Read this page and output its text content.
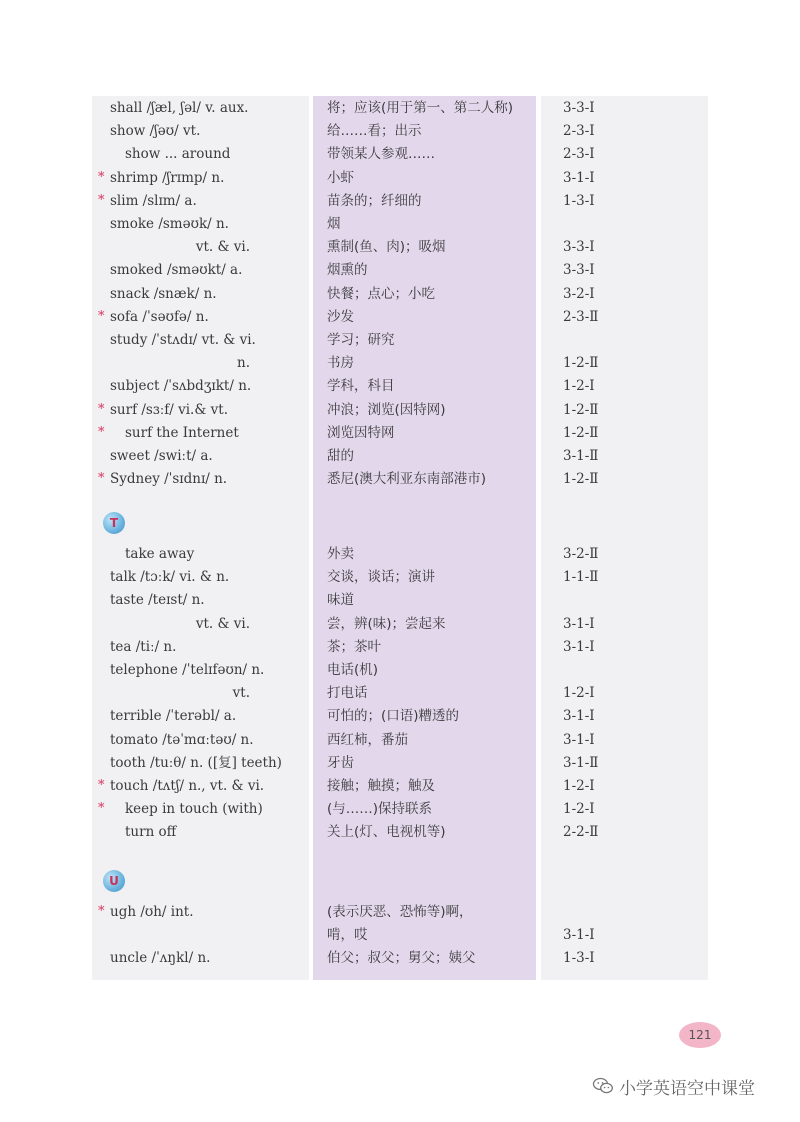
shall /ʃæl, ʃəl/ v. aux.	将；应该(用于第一、第二人称)	3-3-Ⅰ
show /ʃəʊ/ vt.	给……看；出示	2-3-Ⅰ
show ... around	带领某人参观……	2-3-Ⅰ
* shrimp /ʃrɪmp/ n.	小虾	3-1-Ⅰ
* slim /slɪm/ a.	苗条的；纤细的	1-3-Ⅰ
smoke /sməʊk/ n.	烟
vt. & vi.	熏制(鱼、肉)；吸烟	3-3-Ⅰ
smoked /sməʊkt/ a.	烟熏的	3-3-Ⅰ
snack /snæk/ n.	快餐；点心；小吃	3-2-Ⅰ
* sofa /ˈsəʊfə/ n.	沙发	2-3-Ⅱ
study /ˈstʌdɪ/ vt. & vi.	学习；研究
n.	书房	1-2-Ⅱ
subject /ˈsʌbdʒɪkt/ n.	学科，科目	1-2-Ⅰ
* surf /sɜːf/ vi.& vt.	冲浪；浏览(因特网)	1-2-Ⅱ
* surf the Internet	浏览因特网	1-2-Ⅱ
sweet /swiːt/ a.	甜的	3-1-Ⅱ
* Sydney /ˈsɪdnɪ/ n.	悉尼(澳大利亚东南部港市)	1-2-Ⅱ
take away	外卖	3-2-Ⅱ
talk /tɔːk/ vi. & n.	交谈，谈话；演讲	1-1-Ⅱ
taste /teɪst/ n.	味道
vt. & vi.	尝，辨(味)；尝起来	3-1-Ⅰ
tea /tiː/ n.	茶；茶叶	3-1-Ⅰ
telephone /ˈtelɪfəʊn/ n.	电话(机)
vt.	打电话	1-2-Ⅰ
terrible /ˈterəbl/ a.	可怕的；(口语)糟透的	3-1-Ⅰ
tomato /təˈmɑːtəʊ/ n.	西红柿，番茄	3-1-Ⅰ
tooth /tuːθ/ n. ([复] teeth)	牙齿	3-1-Ⅱ
* touch /tʌtʃ/ n., vt. & vi.	接触；触摸；触及	1-2-Ⅰ
* keep in touch (with)	(与……)保持联系	1-2-Ⅰ
turn off	关上(灯、电视机等)	2-2-Ⅱ
* ugh /ʊh/ int.	(表示厌恶、恐怖等)啊，
啃，哎	3-1-Ⅰ
uncle /ˈʌŋkl/ n.	伯父；叔父；舅父；姨父	1-3-Ⅰ
T
U
121
小学英语空中课堂
